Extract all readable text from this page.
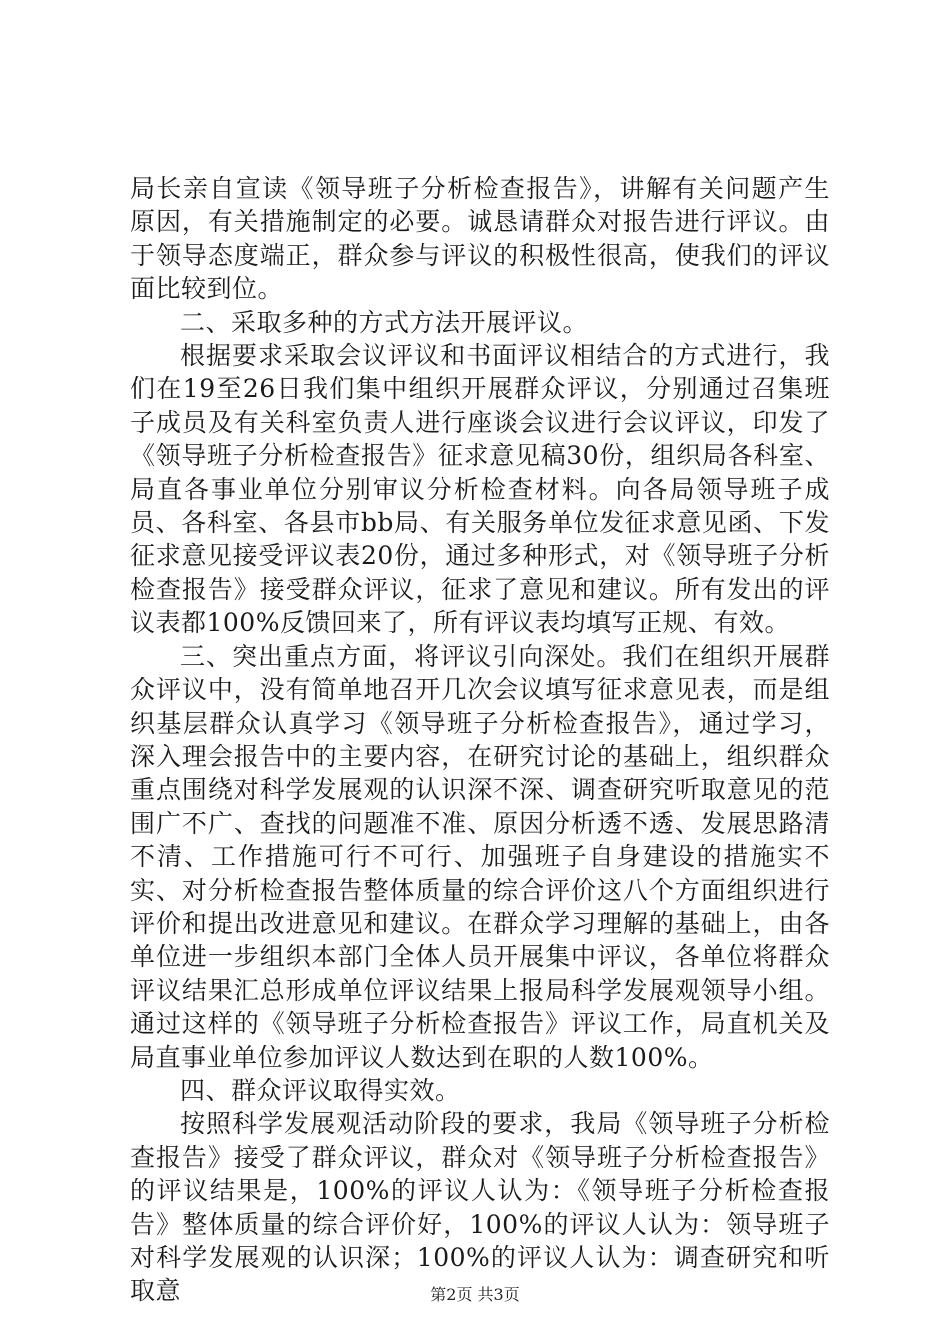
局长亲自宣读《领导班子分析检查报告》，讲解有关问题产生原因，有关措施制定的必要。诚恳请群众对报告进行评议。由于领导态度端正，群众参与评议的积极性很高，使我们的评议面比较到位。

二、采取多种的方式方法开展评议。

根据要求采取会议评议和书面评议相结合的方式进行，我们在19至26日我们集中组织开展群众评议，分别通过召集班子成员及有关科室负责人进行座谈会议进行会议评议，印发了《领导班子分析检查报告》征求意见稿30份，组织局各科室、局直各事业单位分别审议分析检查材料。向各局领导班子成员、各科室、各县市bb局、有关服务单位发征求意见函、下发征求意见接受评议表20份，通过多种形式，对《领导班子分析检查报告》接受群众评议，征求了意见和建议。所有发出的评议表都100%反馈回来了，所有评议表均填写正规、有效。

三、突出重点方面，将评议引向深处。我们在组织开展群众评议中，没有简单地召开几次会议填写征求意见表，而是组织基层群众认真学习《领导班子分析检查报告》，通过学习，深入理会报告中的主要内容，在研究讨论的基础上，组织群众重点围绕对科学发展观的认识深不深、调查研究听取意见的范围广不广、查找的问题准不准、原因分析透不透、发展思路清不清、工作措施可行不可行、加强班子自身建设的措施实不实、对分析检查报告整体质量的综合评价这八个方面组织进行评价和提出改进意见和建议。在群众学习理解的基础上，由各单位进一步组织本部门全体人员开展集中评议，各单位将群众评议结果汇总形成单位评议结果上报局科学发展观领导小组。通过这样的《领导班子分析检查报告》评议工作，局直机关及局直事业单位参加评议人数达到在职的人数100%。

四、群众评议取得实效。

按照科学发展观活动阶段的要求，我局《领导班子分析检查报告》接受了群众评议，群众对《领导班子分析检查报告》的评议结果是，100%的评议人认为：《领导班子分析检查报告》整体质量的综合评价好，100%的评议人认为：领导班子对科学发展观的认识深；100%的评议人认为：调查研究和听取意	第2页 共3页
